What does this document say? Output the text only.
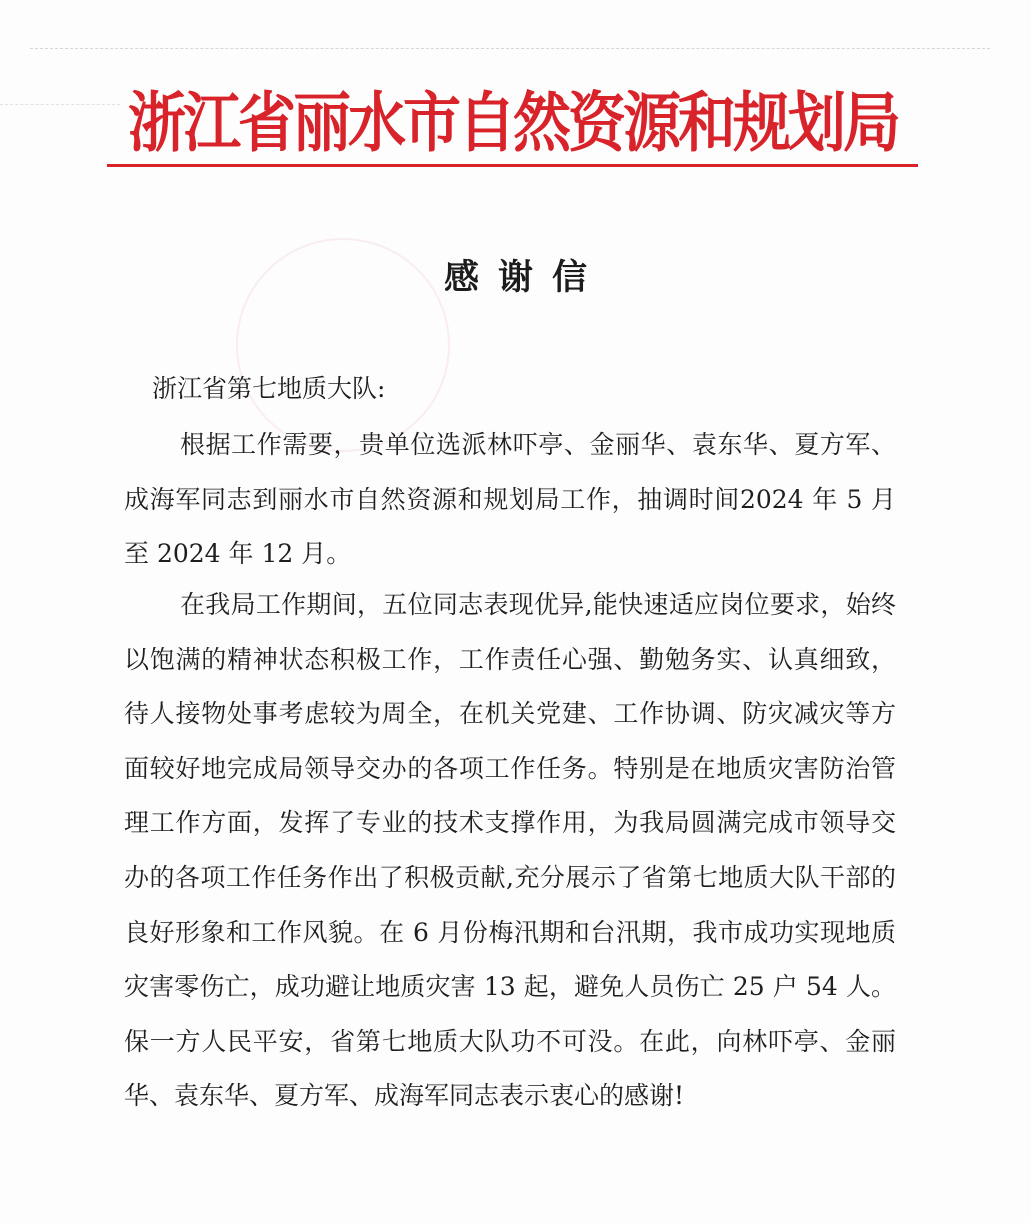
浙江省丽水市自然资源和规划局
感谢信
浙江省第七地质大队:

根据工作需要，贵单位选派林吓亭、金丽华、袁东华、夏方军、成海军同志到丽水市自然资源和规划局工作，抽调时间2024 年 5 月至 2024 年 12 月。

在我局工作期间，五位同志表现优异,能快速适应岗位要求，始终以饱满的精神状态积极工作，工作责任心强、勤勉务实、认真细致，待人接物处事考虑较为周全，在机关党建、工作协调、防灾减灾等方面较好地完成局领导交办的各项工作任务。特别是在地质灾害防治管理工作方面，发挥了专业的技术支撑作用，为我局圆满完成市领导交办的各项工作任务作出了积极贡献,充分展示了省第七地质大队干部的良好形象和工作风貌。在 6 月份梅汛期和台汛期，我市成功实现地质灾害零伤亡，成功避让地质灾害 13 起，避免人员伤亡 25 户 54 人。保一方人民平安，省第七地质大队功不可没。在此，向林吓亭、金丽华、袁东华、夏方军、成海军同志表示衷心的感谢!
